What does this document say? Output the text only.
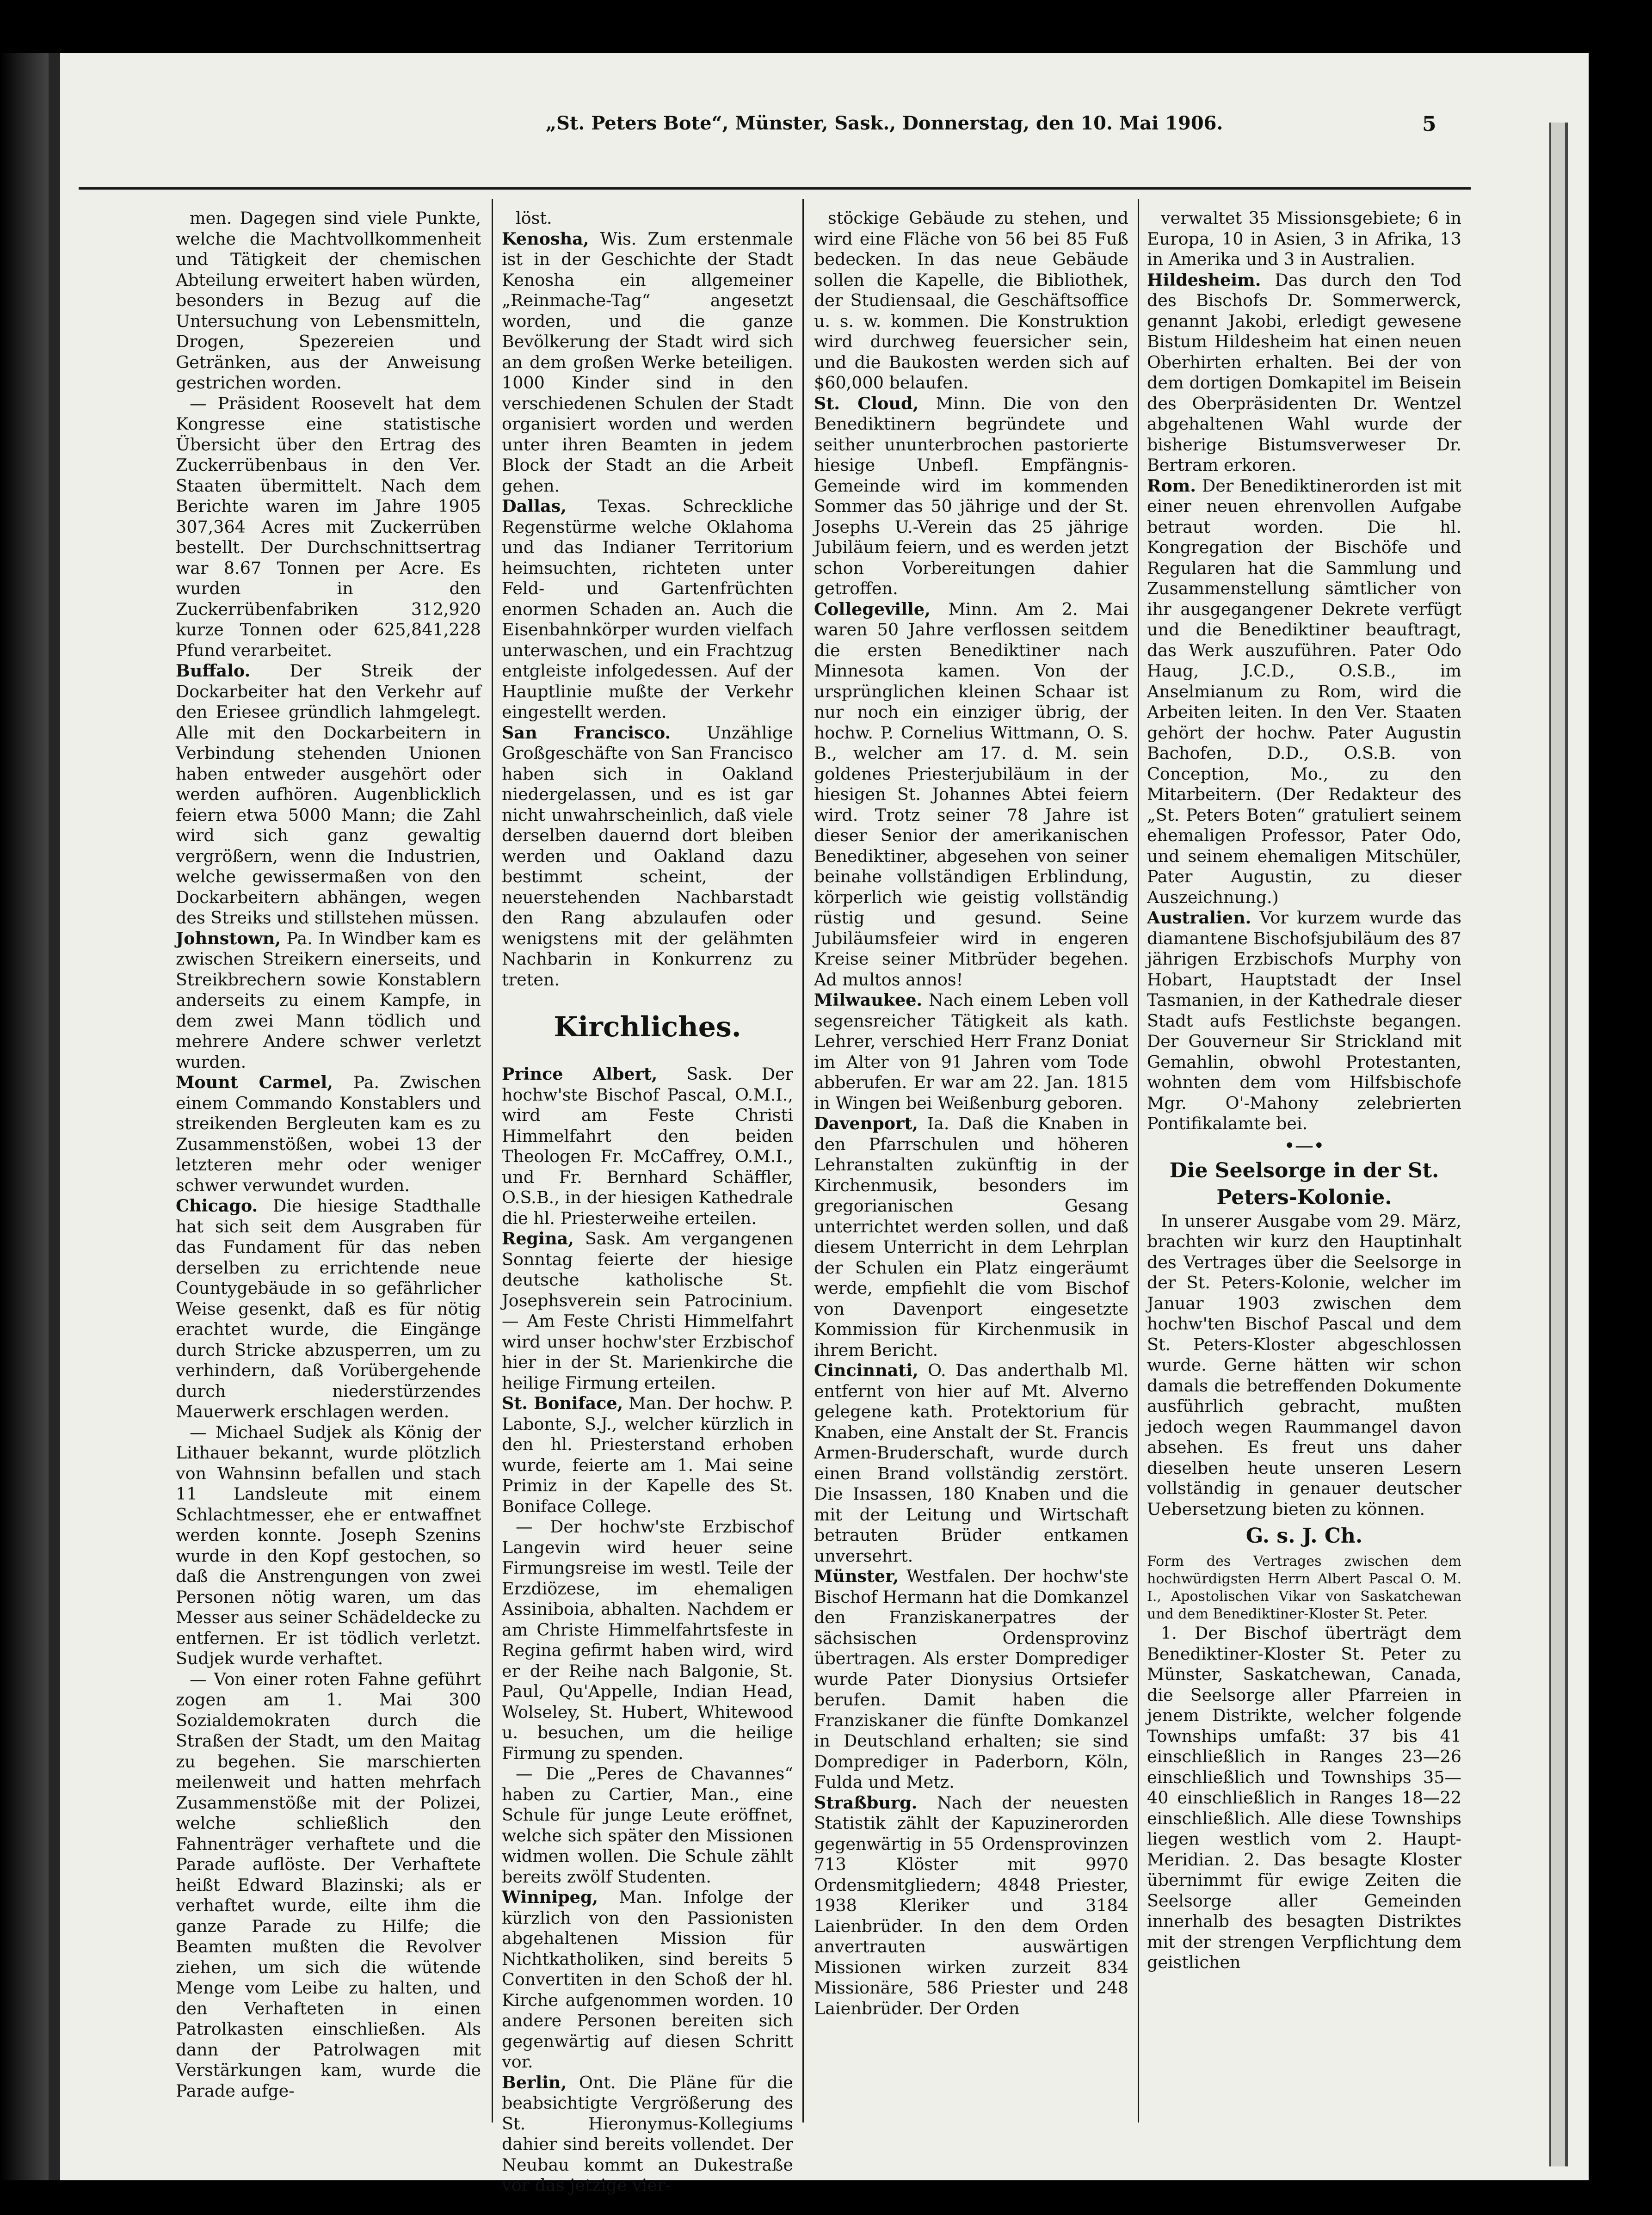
„St. Peters Bote“, Münster, Sask., Donnerstag, den 10. Mai 1906.	5

men. Dagegen sind viele Punkte, welche die Machtvollkommenheit und Tätigkeit der chemischen Abteilung erweitert haben würden, besonders in Bezug auf die Untersuchung von Lebensmitteln, Drogen, Spezereien und Getränken, aus der Anweisung gestrichen worden.

— Präsident Roosevelt hat dem Kongresse eine statistische Übersicht über den Ertrag des Zuckerrübenbaus in den Ver. Staaten übermittelt. Nach dem Berichte waren im Jahre 1905 307,364 Acres mit Zuckerrüben bestellt. Der Durchschnittsertrag war 8.67 Tonnen per Acre. Es wurden in den Zuckerrübenfabriken 312,920 kurze Tonnen oder 625,841,228 Pfund verarbeitet.

Buffalo. Der Streik der Dockarbeiter hat den Verkehr auf den Eriesee gründlich lahmgelegt. Alle mit den Dockarbeitern in Verbindung stehenden Unionen haben entweder ausgehört oder werden aufhören. Augenblicklich feiern etwa 5000 Mann; die Zahl wird sich ganz gewaltig vergrößern, wenn die Industrien, welche gewissermaßen von den Dockarbeitern abhängen, wegen des Streiks und stillstehen müssen.

Johnstown, Pa. In Windber kam es zwischen Streikern einerseits, und Streikbrechern sowie Konstablern anderseits zu einem Kampfe, in dem zwei Mann tödlich und mehrere Andere schwer verletzt wurden.

Mount Carmel, Pa. Zwischen einem Commando Konstablers und streikenden Bergleuten kam es zu Zusammenstößen, wobei 13 der letzteren mehr oder weniger schwer verwundet wurden.

Chicago. Die hiesige Stadthalle hat sich seit dem Ausgraben für das Fundament für das neben derselben zu errichtende neue Countygebäude in so gefährlicher Weise gesenkt, daß es für nötig erachtet wurde, die Eingänge durch Stricke abzusperren, um zu verhindern, daß Vorübergehende durch niederstürzendes Mauerwerk erschlagen werden.

— Michael Sudjek als König der Lithauer bekannt, wurde plötzlich von Wahnsinn befallen und stach 11 Landsleute mit einem Schlachtmesser, ehe er entwaffnet werden konnte. Joseph Szenins wurde in den Kopf gestochen, so daß die Anstrengungen von zwei Personen nötig waren, um das Messer aus seiner Schädeldecke zu entfernen. Er ist tödlich verletzt. Sudjek wurde verhaftet.

— Von einer roten Fahne geführt zogen am 1. Mai 300 Sozialdemokraten durch die Straßen der Stadt, um den Maitag zu begehen. Sie marschierten meilenweit und hatten mehrfach Zusammenstöße mit der Polizei, welche schließlich den Fahnenträger verhaftete und die Parade auflöste. Der Verhaftete heißt Edward Blazinski; als er verhaftet wurde, eilte ihm die ganze Parade zu Hilfe; die Beamten mußten die Revolver ziehen, um sich die wütende Menge vom Leibe zu halten, und den Verhafteten in einen Patrolkasten einschließen. Als dann der Patrolwagen mit Verstärkungen kam, wurde die Parade aufge-

löst.

Kenosha, Wis. Zum erstenmale ist in der Geschichte der Stadt Kenosha ein allgemeiner „Reinmache-Tag“ angesetzt worden, und die ganze Bevölkerung der Stadt wird sich an dem großen Werke beteiligen. 1000 Kinder sind in den verschiedenen Schulen der Stadt organisiert worden und werden unter ihren Beamten in jedem Block der Stadt an die Arbeit gehen.

Dallas, Texas. Schreckliche Regenstürme welche Oklahoma und das Indianer Territorium heimsuchten, richteten unter Feld- und Gartenfrüchten enormen Schaden an. Auch die Eisenbahnkörper wurden vielfach unterwaschen, und ein Frachtzug entgleiste infolgedessen. Auf der Hauptlinie mußte der Verkehr eingestellt werden.

San Francisco. Unzählige Großgeschäfte von San Francisco haben sich in Oakland niedergelassen, und es ist gar nicht unwahrscheinlich, daß viele derselben dauernd dort bleiben werden und Oakland dazu bestimmt scheint, der neuerstehenden Nachbarstadt den Rang abzulaufen oder wenigstens mit der gelähmten Nachbarin in Konkurrenz zu treten.

Kirchliches.

Prince Albert, Sask. Der hochw'ste Bischof Pascal, O.M.I., wird am Feste Christi Himmelfahrt den beiden Theologen Fr. McCaffrey, O.M.I., und Fr. Bernhard Schäffler, O.S.B., in der hiesigen Kathedrale die hl. Priesterweihe erteilen.

Regina, Sask. Am vergangenen Sonntag feierte der hiesige deutsche katholische St. Josephsverein sein Patrocinium. — Am Feste Christi Himmelfahrt wird unser hochw'ster Erzbischof hier in der St. Marienkirche die heilige Firmung erteilen.

St. Boniface, Man. Der hochw. P. Labonte, S.J., welcher kürzlich in den hl. Priesterstand erhoben wurde, feierte am 1. Mai seine Primiz in der Kapelle des St. Boniface College.

— Der hochw'ste Erzbischof Langevin wird heuer seine Firmungsreise im westl. Teile der Erzdiözese, im ehemaligen Assiniboia, abhalten. Nachdem er am Christe Himmelfahrtsfeste in Regina gefirmt haben wird, wird er der Reihe nach Balgonie, St. Paul, Qu'Appelle, Indian Head, Wolseley, St. Hubert, Whitewood u. besuchen, um die heilige Firmung zu spenden.

— Die „Peres de Chavannes“ haben zu Cartier, Man., eine Schule für junge Leute eröffnet, welche sich später den Missionen widmen wollen. Die Schule zählt bereits zwölf Studenten.

Winnipeg, Man. Infolge der kürzlich von den Passionisten abgehaltenen Mission für Nichtkatholiken, sind bereits 5 Convertiten in den Schoß der hl. Kirche aufgenommen worden. 10 andere Personen bereiten sich gegenwärtig auf diesen Schritt vor.

Berlin, Ont. Die Pläne für die beabsichtigte Vergrößerung des St. Hieronymus-Kollegiums dahier sind bereits vollendet. Der Neubau kommt an Dukestraße vor das jetzige vier-

stöckige Gebäude zu stehen, und wird eine Fläche von 56 bei 85 Fuß bedecken. In das neue Gebäude sollen die Kapelle, die Bibliothek, der Studiensaal, die Geschäftsoffice u. s. w. kommen. Die Konstruktion wird durchweg feuersicher sein, und die Baukosten werden sich auf $60,000 belaufen.

St. Cloud, Minn. Die von den Benediktinern begründete und seither ununterbrochen pastorierte hiesige Unbefl. Empfängnis-Gemeinde wird im kommenden Sommer das 50 jährige und der St. Josephs U.-Verein das 25 jährige Jubiläum feiern, und es werden jetzt schon Vorbereitungen dahier getroffen.

Collegeville, Minn. Am 2. Mai waren 50 Jahre verflossen seitdem die ersten Benediktiner nach Minnesota kamen. Von der ursprünglichen kleinen Schaar ist nur noch ein einziger übrig, der hochw. P. Cornelius Wittmann, O. S. B., welcher am 17. d. M. sein goldenes Priesterjubiläum in der hiesigen St. Johannes Abtei feiern wird. Trotz seiner 78 Jahre ist dieser Senior der amerikanischen Benediktiner, abgesehen von seiner beinahe vollständigen Erblindung, körperlich wie geistig vollständig rüstig und gesund. Seine Jubiläumsfeier wird in engeren Kreise seiner Mitbrüder begehen. Ad multos annos!

Milwaukee. Nach einem Leben voll segensreicher Tätigkeit als kath. Lehrer, verschied Herr Franz Doniat im Alter von 91 Jahren vom Tode abberufen. Er war am 22. Jan. 1815 in Wingen bei Weißenburg geboren.

Davenport, Ia. Daß die Knaben in den Pfarrschulen und höheren Lehranstalten zukünftig in der Kirchenmusik, besonders im gregorianischen Gesang unterrichtet werden sollen, und daß diesem Unterricht in dem Lehrplan der Schulen ein Platz eingeräumt werde, empfiehlt die vom Bischof von Davenport eingesetzte Kommission für Kirchenmusik in ihrem Bericht.

Cincinnati, O. Das anderthalb Ml. entfernt von hier auf Mt. Alverno gelegene kath. Protektorium für Knaben, eine Anstalt der St. Francis Armen-Bruderschaft, wurde durch einen Brand vollständig zerstört. Die Insassen, 180 Knaben und die mit der Leitung und Wirtschaft betrauten Brüder entkamen unversehrt.

Münster, Westfalen. Der hochw'ste Bischof Hermann hat die Domkanzel den Franziskanerpatres der sächsischen Ordensprovinz übertragen. Als erster Domprediger wurde Pater Dionysius Ortsiefer berufen. Damit haben die Franziskaner die fünfte Domkanzel in Deutschland erhalten; sie sind Domprediger in Paderborn, Köln, Fulda und Metz.

Straßburg. Nach der neuesten Statistik zählt der Kapuzinerorden gegenwärtig in 55 Ordensprovinzen 713 Klöster mit 9970 Ordensmitgliedern; 4848 Priester, 1938 Kleriker und 3184 Laienbrüder. In den dem Orden anvertrauten auswärtigen Missionen wirken zurzeit 834 Missionäre, 586 Priester und 248 Laienbrüder. Der Orden

verwaltet 35 Missionsgebiete; 6 in Europa, 10 in Asien, 3 in Afrika, 13 in Amerika und 3 in Australien.

Hildesheim. Das durch den Tod des Bischofs Dr. Sommerwerck, genannt Jakobi, erledigt gewesene Bistum Hildesheim hat einen neuen Oberhirten erhalten. Bei der von dem dortigen Domkapitel im Beisein des Oberpräsidenten Dr. Wentzel abgehaltenen Wahl wurde der bisherige Bistumsverweser Dr. Bertram erkoren.

Rom. Der Benediktinerorden ist mit einer neuen ehrenvollen Aufgabe betraut worden. Die hl. Kongregation der Bischöfe und Regularen hat die Sammlung und Zusammenstellung sämtlicher von ihr ausgegangener Dekrete verfügt und die Benediktiner beauftragt, das Werk auszuführen. Pater Odo Haug, J.C.D., O.S.B., im Anselmianum zu Rom, wird die Arbeiten leiten. In den Ver. Staaten gehört der hochw. Pater Augustin Bachofen, D.D., O.S.B. von Conception, Mo., zu den Mitarbeitern. (Der Redakteur des „St. Peters Boten“ gratuliert seinem ehemaligen Professor, Pater Odo, und seinem ehemaligen Mitschüler, Pater Augustin, zu dieser Auszeichnung.)

Australien. Vor kurzem wurde das diamantene Bischofsjubiläum des 87 jährigen Erzbischofs Murphy von Hobart, Hauptstadt der Insel Tasmanien, in der Kathedrale dieser Stadt aufs Festlichste begangen. Der Gouverneur Sir Strickland mit Gemahlin, obwohl Protestanten, wohnten dem vom Hilfsbischofe Mgr. O'-Mahony zelebrierten Pontifikalamte bei.

•—•
Die Seelsorge in der St. Peters-Kolonie.

In unserer Ausgabe vom 29. März, brachten wir kurz den Hauptinhalt des Vertrages über die Seelsorge in der St. Peters-Kolonie, welcher im Januar 1903 zwischen dem hochw'ten Bischof Pascal und dem St. Peters-Kloster abgeschlossen wurde. Gerne hätten wir schon damals die betreffenden Dokumente ausführlich gebracht, mußten jedoch wegen Raummangel davon absehen. Es freut uns daher dieselben heute unseren Lesern vollständig in genauer deutscher Uebersetzung bieten zu können.

G. s. J. Ch.

Form des Vertrages zwischen dem hochwürdigsten Herrn Albert Pascal O. M. I., Apostolischen Vikar von Saskatchewan und dem Benediktiner-Kloster St. Peter.

1. Der Bischof überträgt dem Benediktiner-Kloster St. Peter zu Münster, Saskatchewan, Canada, die Seelsorge aller Pfarreien in jenem Distrikte, welcher folgende Townships umfaßt: 37 bis 41 einschließlich in Ranges 23—26 einschließlich und Townships 35—40 einschließlich in Ranges 18—22 einschließlich. Alle diese Townships liegen westlich vom 2. Haupt-Meridian. 2. Das besagte Kloster übernimmt für ewige Zeiten die Seelsorge aller Gemeinden innerhalb des besagten Distriktes mit der strengen Verpflichtung dem geistlichen
